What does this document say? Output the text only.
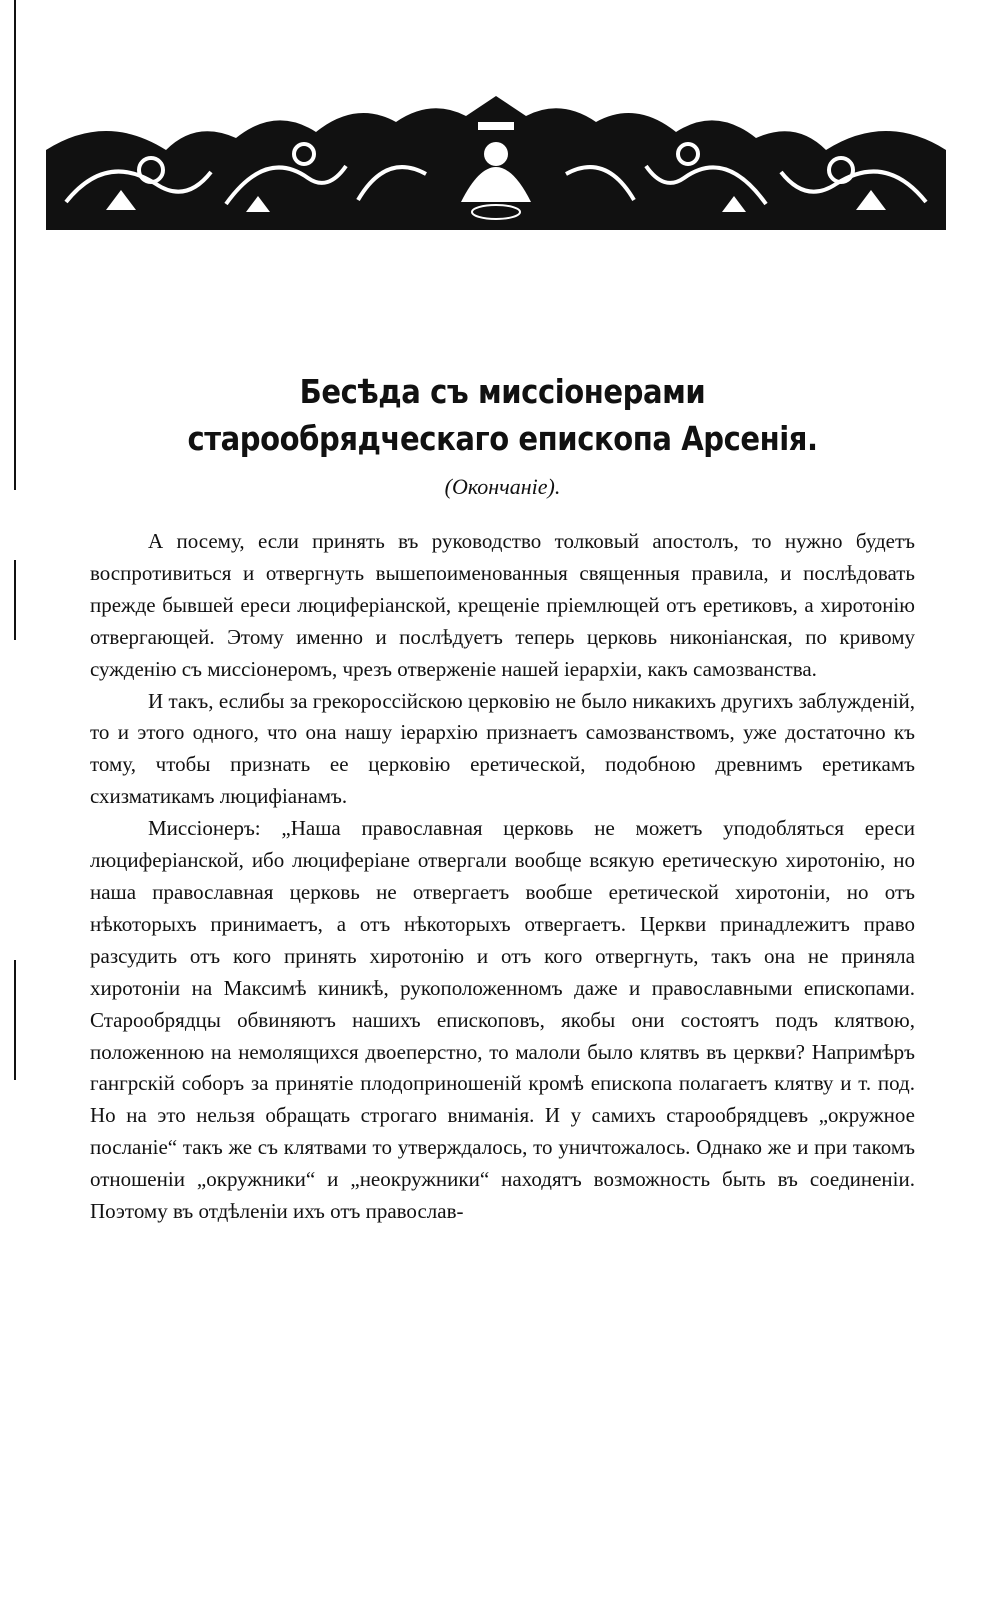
Бесѣда съ миссіонерами старообрядческаго епископа Арсенія.

(Окончаніе).

А посему, если принять въ руководство толковый апостолъ, то нужно будетъ воспротивиться и отвергнуть вышепоименованныя священныя правила, и послѣдовать прежде бывшей ереси люцифеpіанской, крещеніе пріемлющей отъ еретиковъ, а хиротонію отвергающей. Этому именно и послѣдуетъ теперь церковь никоніанская, по кривому сужденію съ миссіонеромъ, чрезъ отверженіе нашей іерархіи, какъ самозванства.

И такъ, еслибы за грекороссійскою церковію не было никакихъ другихъ заблужденій, то и этого одного, что она нашу іерархію признаетъ самозванствомъ, уже достаточно къ тому, чтобы признать ее церковію еретической, подобною древнимъ еретикамъ схизматикамъ люцифіанамъ.

Миссіонеръ: „Наша православная церковь не можетъ уподобляться ереси люцифеpіанской, ибо люцифеpіане отвергали вообще всякую еретическую хиротонію, но наша православная церковь не отвергаетъ вообше еретической хиротоніи, но отъ нѣкоторыхъ принимаетъ, а отъ нѣкоторыхъ отвергаетъ. Церкви принадлежитъ право разсудить отъ кого принять хиротонію и отъ кого отвергнуть, такъ она не приняла хиротоніи на Максимѣ киникѣ, рукоположенномъ даже и православными епископами. Старообрядцы обвиняютъ нашихъ епископовъ, якобы они состоятъ подъ клятвою, положенною на немолящихся двоеперстно, то малоли было клятвъ въ церкви? Напримѣръ гангрскій соборъ за принятіе плодоприношеній кромѣ епископа полагаетъ клятву и т. под. Но на это нельзя обращать строгаго вниманія. И у самихъ старообрядцевъ „окружное посланіе“ такъ же съ клятвами то утверждалось, то уничтожалось. Однако же и при такомъ отношеніи „окружники“ и „неокружники“ находятъ возможность быть въ соединеніи. Поэтому въ отдѣленіи ихъ отъ православ-
